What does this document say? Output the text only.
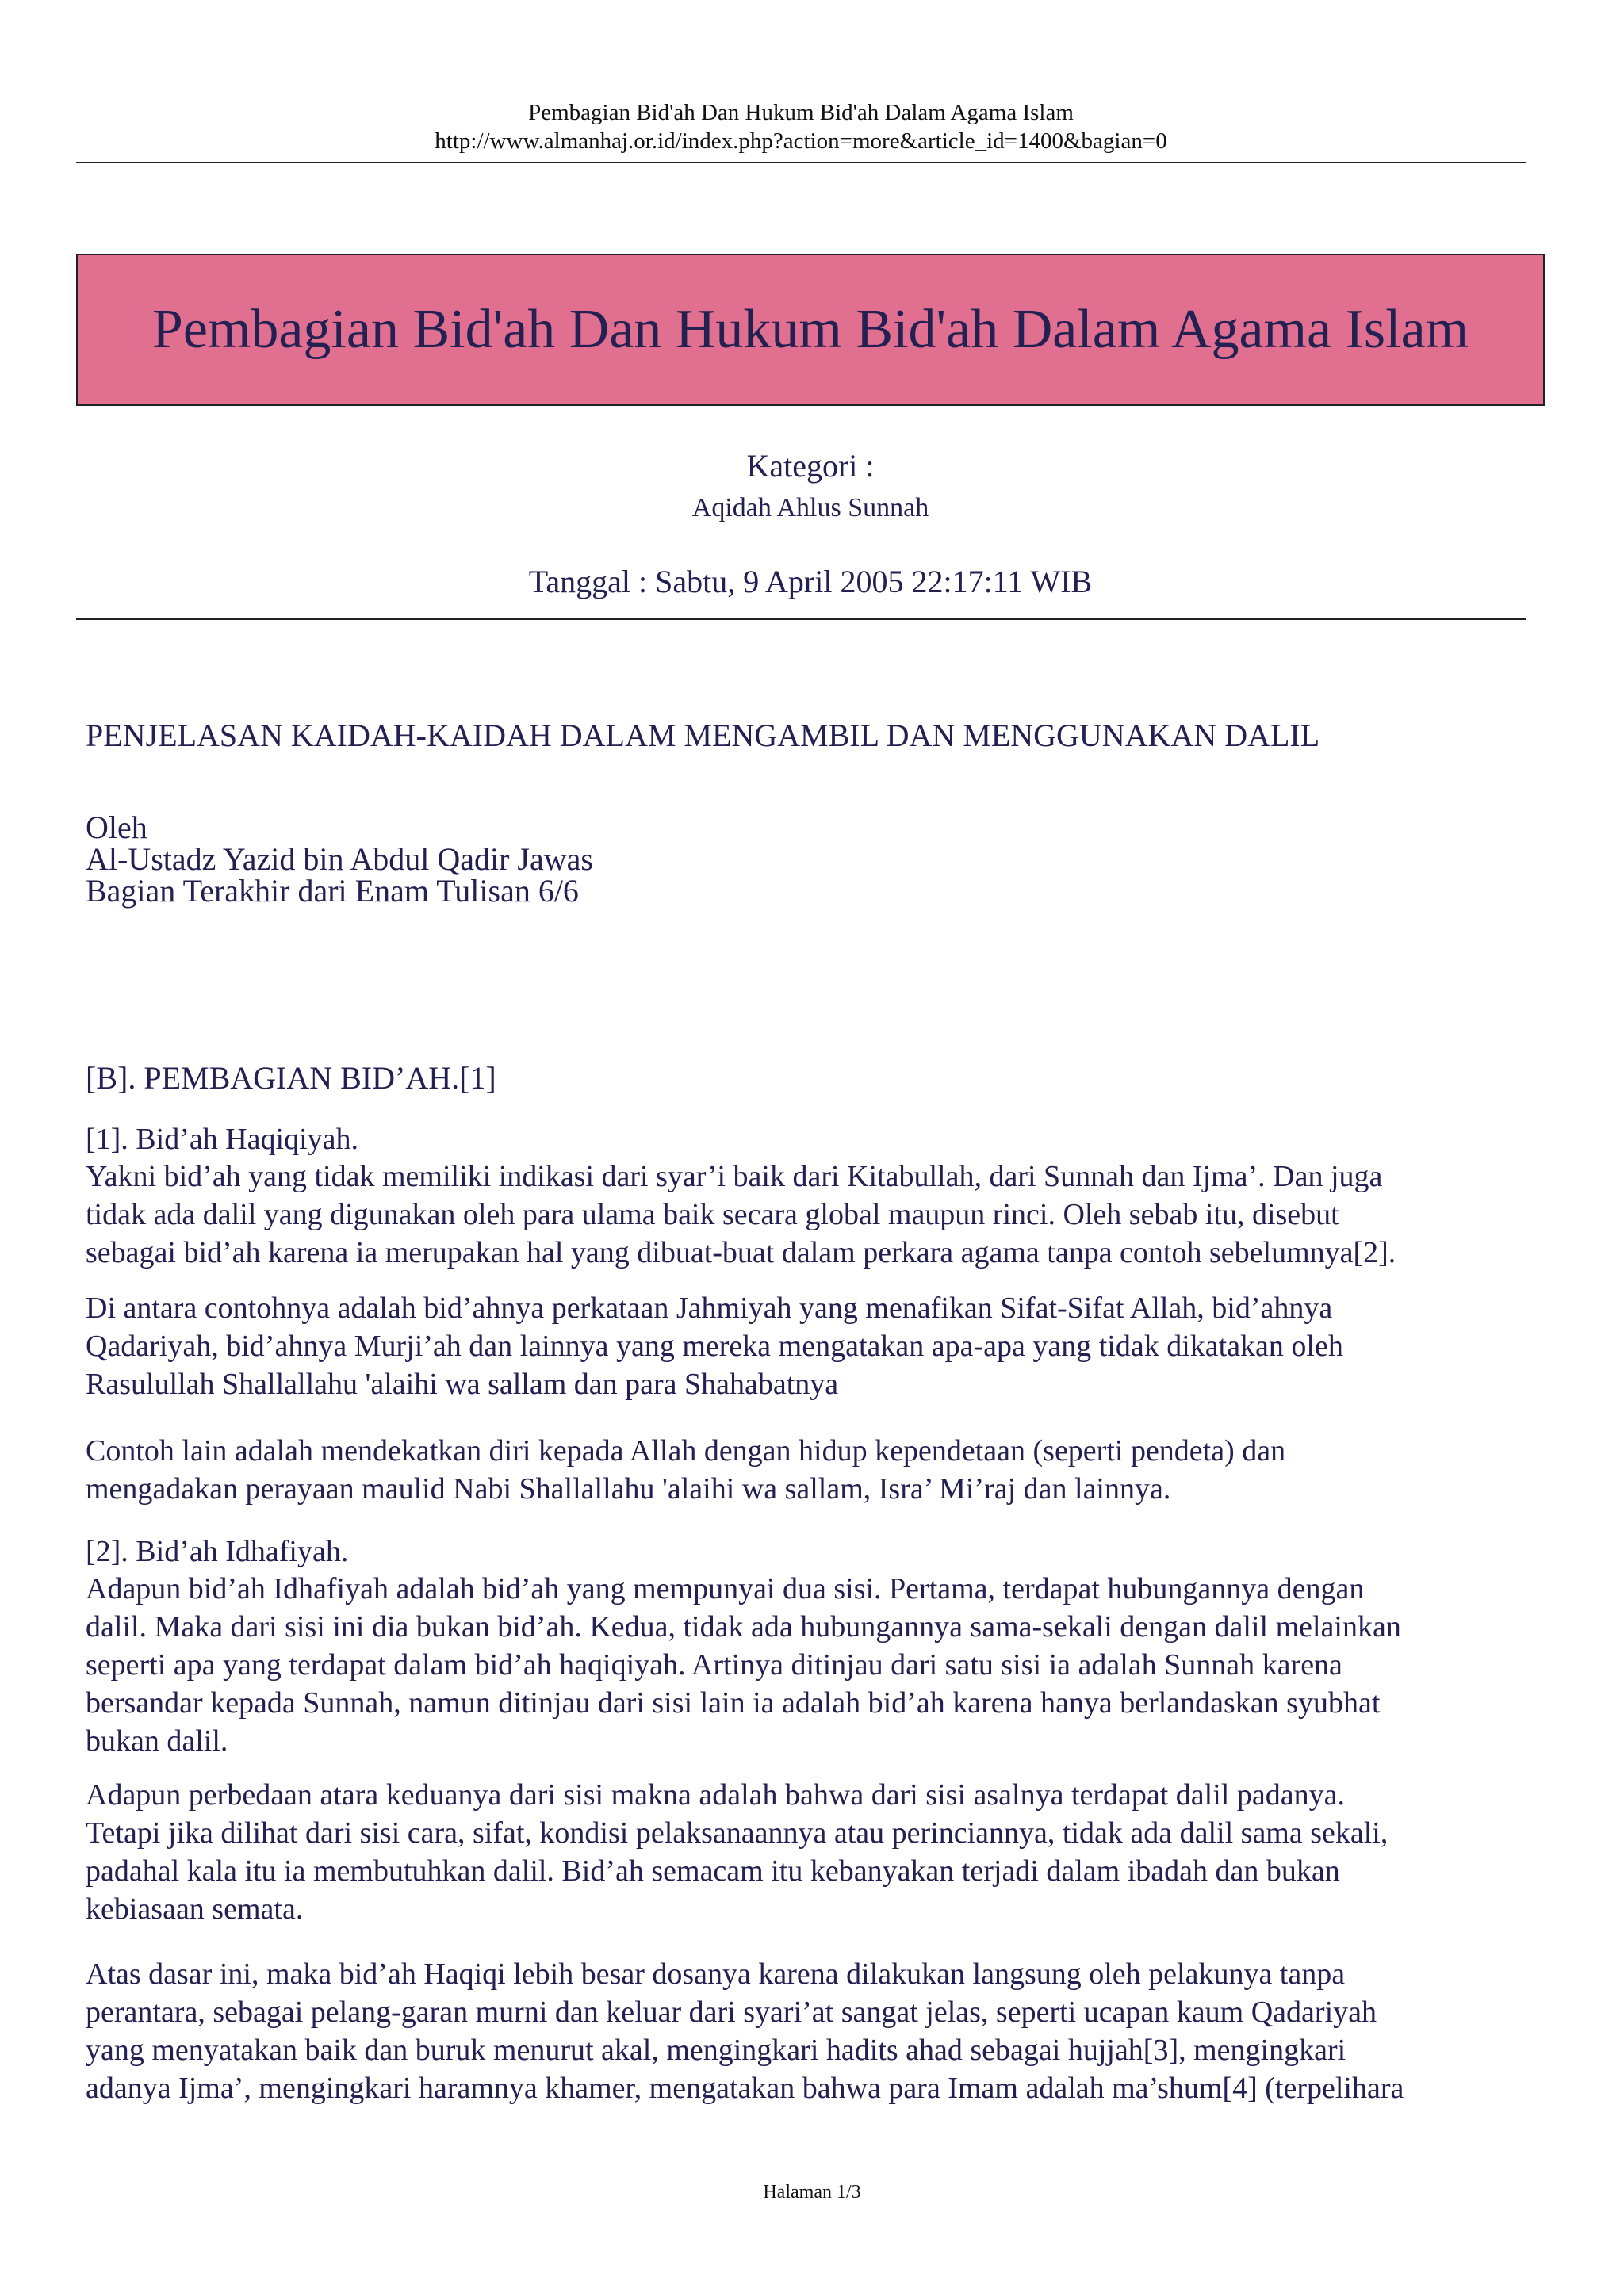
Pembagian Bid'ah Dan Hukum Bid'ah Dalam Agama Islam
http://www.almanhaj.or.id/index.php?action=more&article_id=1400&bagian=0
Pembagian Bid'ah Dan Hukum Bid'ah Dalam Agama Islam
Kategori :
Aqidah Ahlus Sunnah
Tanggal : Sabtu, 9 April 2005 22:17:11 WIB

PENJELASAN KAIDAH-KAIDAH DALAM MENGAMBIL DAN MENGGUNAKAN DALIL

Oleh

Al-Ustadz Yazid bin Abdul Qadir Jawas

Bagian Terakhir dari Enam Tulisan 6/6

[B]. PEMBAGIAN BID’AH.[1]

[1]. Bid’ah Haqiqiyah.

Yakni bid’ah yang tidak memiliki indikasi dari syar’i baik dari Kitabullah, dari Sunnah dan Ijma’. Dan juga

tidak ada dalil yang digunakan oleh para ulama baik secara global maupun rinci. Oleh sebab itu, disebut

sebagai bid’ah karena ia merupakan hal yang dibuat-buat dalam perkara agama tanpa contoh sebelumnya[2].

Di antara contohnya adalah bid’ahnya perkataan Jahmiyah yang menafikan Sifat-Sifat Allah, bid’ahnya

Qadariyah, bid’ahnya Murji’ah dan lainnya yang mereka mengatakan apa-apa yang tidak dikatakan oleh

Rasulullah Shallallahu 'alaihi wa sallam dan para Shahabatnya

Contoh lain adalah mendekatkan diri kepada Allah dengan hidup kependetaan (seperti pendeta) dan

mengadakan perayaan maulid Nabi Shallallahu 'alaihi wa sallam, Isra’ Mi’raj dan lainnya.

[2]. Bid’ah Idhafiyah.

Adapun bid’ah Idhafiyah adalah bid’ah yang mempunyai dua sisi. Pertama, terdapat hubungannya dengan

dalil. Maka dari sisi ini dia bukan bid’ah. Kedua, tidak ada hubungannya sama-sekali dengan dalil melainkan

seperti apa yang terdapat dalam bid’ah haqiqiyah. Artinya ditinjau dari satu sisi ia adalah Sunnah karena

bersandar kepada Sunnah, namun ditinjau dari sisi lain ia adalah bid’ah karena hanya berlandaskan syubhat

bukan dalil.

Adapun perbedaan atara keduanya dari sisi makna adalah bahwa dari sisi asalnya terdapat dalil padanya.

Tetapi jika dilihat dari sisi cara, sifat, kondisi pelaksanaannya atau perinciannya, tidak ada dalil sama sekali,

padahal kala itu ia membutuhkan dalil. Bid’ah semacam itu kebanyakan terjadi dalam ibadah dan bukan

kebiasaan semata.

Atas dasar ini, maka bid’ah Haqiqi lebih besar dosanya karena dilakukan langsung oleh pelakunya tanpa

perantara, sebagai pelang-garan murni dan keluar dari syari’at sangat jelas, seperti ucapan kaum Qadariyah

yang menyatakan baik dan buruk menurut akal, mengingkari hadits ahad sebagai hujjah[3], mengingkari

adanya Ijma’, mengingkari haramnya khamer, mengatakan bahwa para Imam adalah ma’shum[4] (terpelihara

Halaman 1/3
